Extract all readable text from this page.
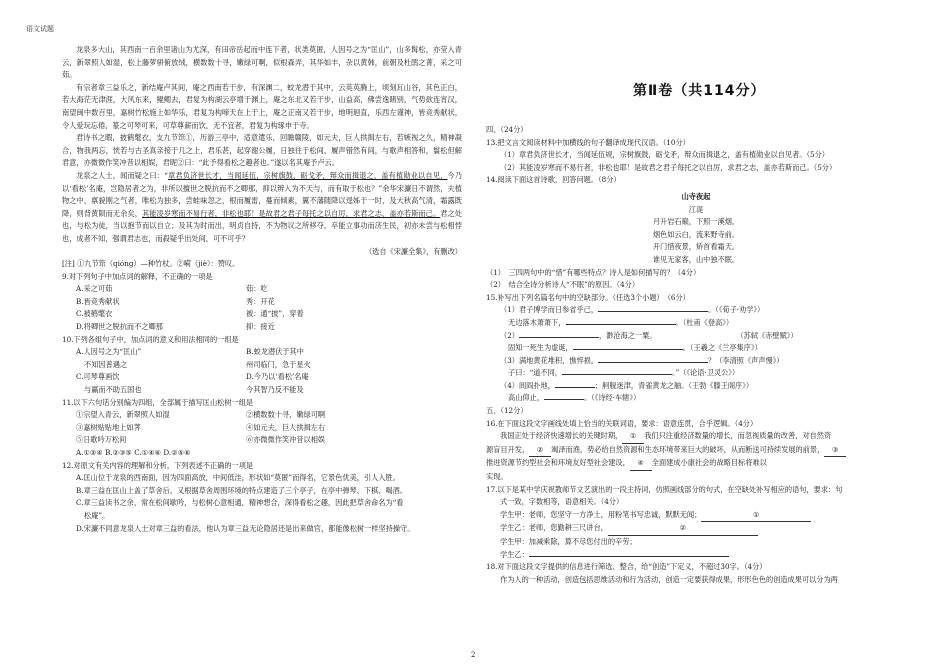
语文试题

龙泉多大山，其西南一百余里诸山为尤深，有田帝岳起而中连下者，状类莫匿，人因号之为“匡山”，山多髯松，亦莹入青云，新翠照人如湿，松上藤萝骈俯放绒，横数数十寻，嫩绿可啊，似根森弄，其华如丰，杂以黄韩，前朝及杜鹃之菁，采之可茹。

有宗者章三益乐之，新结庵卢其间，庵之西南若干步，有深渊二，蛟龙潜于其中，云英英腾上，顷刻瓦山谷，其色正白，若大海茫无津涯，大风东来，鲲鳃去，君复为构湖云亭增于渊上，庵之东北又若干步，山益高，佛尝逸睹别，气势欲连宵汉，南望闽中数百里，嘉树竹松施上如华乐，君复为构啼天在上于上，庵之正南又若干步，地明迴直，乐西左谨神，皆竞秀献状，令人爱玩忘倦，篆之可琴可来，可草尊薪而饮，无不宜者，君复为构琢申于寺。

君诗书之暇，披鹤氅衣，支九节筇①，历游三亭中，适意遣乐，回瞻赣陵，如元夫，巨人拱揖左右，若嫉视之久，精神凝合，物我两忘，恍若与古圣真亲接于几之上，君乐甚，起穿谢公履，日独往于松间，履声错然有间，与歌声相答和，鬟松但解君意，亦微微作笑冲昔以相娱，君昵②曰：“此予得看松之趣者也。”遂以名其庵予卢云。

龙泉之人士，闻而疑之曰：“章君负济世长才，当闻延伍，宗树旗鼓，砺戈矛，辩众而揖退之，盖有植勋业以自见，今乃以‘看松’名庵，岂隐居者之为，非所以擅世之脱抗而不之卿那，抑以辨入为不天与，而有取于松也？”余华宋濂日不谓然，夫植物之中，禀貌刚之气者，唯松为独多，尝蛙味忽之，根而履雷，蔓而倾素，翼不藩随降以逞姊于一时，及大秋高气清，霜露既降，则背黄陨而无余矣，其能凌岁寒而不易行者，非松也耶！是故君之君子每托之以自厉，求君之志，盖亦若斯而己。君之处也，与松为徒，当以抱节而以自立；及其为时而出，明贞自持，不为物议之所移夺，卒能立事功而济生民，初亦未尝与松相悖也，成者不知，强谓君志也，而殺疑乎出处间，可不可乎？

（选自《宋濂全集》，有删改）

[注] ①九节筇（qióng）—种竹杖。②嗬（jiè）：赞叹。

9.对下列句子中加点词的解释，不正确的一项是

A.采之可茹	茹：吃

B.皆竞秀献状	秀：开花

C.被鹤氅衣	被：通“披”，穿着

D.将卿世之脱抗而不之卿那	抑：接近

10.下列各组句子中，加点词的意义和用法相同的一组是

A.人因号之为“匡山”	B.蛟龙潜伏于其中

不知因普遇之	州司临门，急于星火

C.可琴尊画饮	D.今乃以‘看松’名庵

与赢而不助五国也	今其智乃反不能及

11.以下六句话分别编为四组，全部属于描写匡山松树一组是

①宗望入青云，新翠照人如湿	②横数数十寻，嫩绿可啊

③嘉树贴贴地上如荠	④如元夫，巨人拱揖左右

⑤日歌吟万松间	⑥亦微微作笑冲昔以相娱

A.①③④ B.②③⑤ C.①④⑥ D.②⑤⑥

12.对原文有关内容的理解和分析，下列表述不正确的一项是

A.匡山位于龙泉的西南面，因为四面高放，中间低洼，形状如“莫匿”而得名，它景色优美，引人入胜。

B.章三益在匡山上盖了草舍后，又根据草舍周围环境的特点建造了三个亭子，在亭中弹琴、下棋、喝酒。

C.章三益读书之余，常在松间歇吟，与松树心意相通，精神想合，深得看松之趣，因此把草舍命名为“看

松庵”。

D.宋濂不同意龙泉人士对章三益的看法，他认为章三益无论隐居还是出来做官，都能像松树一样坚持操守。

第Ⅱ卷（共114分）

四、（24分）

13.把文言文阅读材料中加横线的句子翻译成现代汉语。（10分）

（1）章君负济世长才，当闻延伍规，宗树旗鼓，砺戈矛，辩众而揖退之，盖有植勋业以自见者。（5分）

（2）其能凌岁寒而不易行者，非松也耶！是故君之君子每托之以自厉，求君之志，盖亦若斯而己。（5分）

14.阅读下面这首诗歌，回答问题。（8分）

山寺夜起

江湜

月升岩石巅，下照一溪烟。

烟色如云白，流来野寺前。

开门惜夜景，矫首看霜天。

谁见无家客，山中独不眠。

（1）　三四两句中的“惜”有哪些特点？诗人是如何描写的？（4分）

（2）　结合全诗分析诗人“不眠”的原因。（4分）

15.补写出下列名篇名句中的空缺部分。（任选3个小题）　（6分）

（1）君子博学而日参省乎己，	。（《荀子·劝学》）

无边落木萧萧下，	。（杜甫《登高》）

（2）	，渺沧海之一粟。	（苏轼《赤壁赋》）

固知一死生为虚诞，	。（王羲之《兰亭集序》）

（3）满地黄花堆积，憔悴损，	？（李清照《声声慢》）

子曰：“道不同，	。”（《论语·卫灵公》）

（4）闾阎扑地，	；舸舰迷津，青雀黄龙之舳。（王勃《滕王阁序》）

高山仰止，	。（《诗经·车辖》）

五、（12分）

16.在下面这段文字画线处填上恰当的关联词语，要求：语意连贯，合乎逻辑。（4分）

我国正处于经济快速增长的关键时期， ① 我们只注重经济数量的增长，而忽视质量的改善，对自然资

源盲目开发， ② 竭泽而渔，势必给自然资源和生态环境带来巨大的破坏，从而断送可持续发展的前景， ③

推进资源节约型社会和环境友好型社会建设， ④ 全面建成小康社会的战略目标将难以

实现。

17.以下是某中学庆祝教师节文艺演出的一段主持词，仿照画线部分的句式，在空缺处补写相应的语句，要求：句

式一致，字数相等，语意相关。（4分）

学生甲：老师，您坚守一方净土，用粉笔书写忠诚，默默无闻；	①

学生乙：老师，您勤耕三尺讲台，	②

学生甲：加减乘除，算不尽您付出的辛劳；

学生乙：

18.对下面这段文字提供的信息进行筛选、整合，给“创造”下定义，不超过30字。（4分）

作为人的一种活动，创造包括思维活动和行为活动，创造一定要获得成果，形形色色的创造成果可以分为两

2
